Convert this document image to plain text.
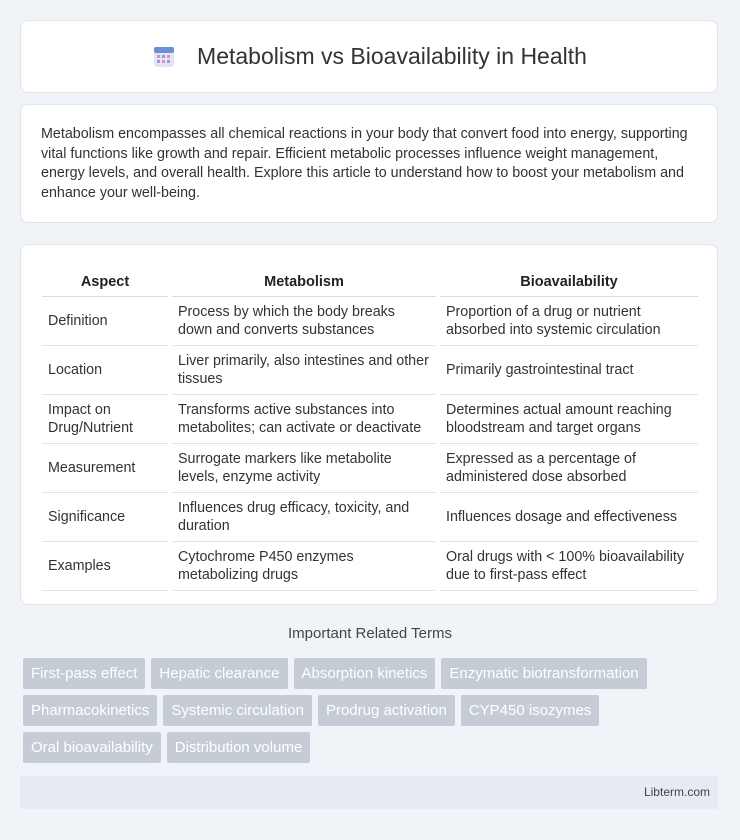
Metabolism vs Bioavailability in Health

Metabolism encompasses all chemical reactions in your body that convert food into energy, supporting vital functions like growth and repair. Efficient metabolic processes influence weight management, energy levels, and overall health. Explore this article to understand how to boost your metabolism and enhance your well-being.

Aspect	Metabolism	Bioavailability
Definition	Process by which the body breaks down and converts substances	Proportion of a drug or nutrient absorbed into systemic circulation
Location	Liver primarily, also intestines and other tissues	Primarily gastrointestinal tract
Impact on Drug/Nutrient	Transforms active substances into metabolites; can activate or deactivate	Determines actual amount reaching bloodstream and target organs
Measurement	Surrogate markers like metabolite levels, enzyme activity	Expressed as a percentage of administered dose absorbed
Significance	Influences drug efficacy, toxicity, and duration	Influences dosage and effectiveness
Examples	Cytochrome P450 enzymes metabolizing drugs	Oral drugs with < 100% bioavailability due to first-pass effect
Important Related Terms
First-pass effect Hepatic clearance Absorption kinetics Enzymatic biotransformation
Pharmacokinetics Systemic circulation Prodrug activation CYP450 isozymes
Oral bioavailability Distribution volume
Libterm.com
